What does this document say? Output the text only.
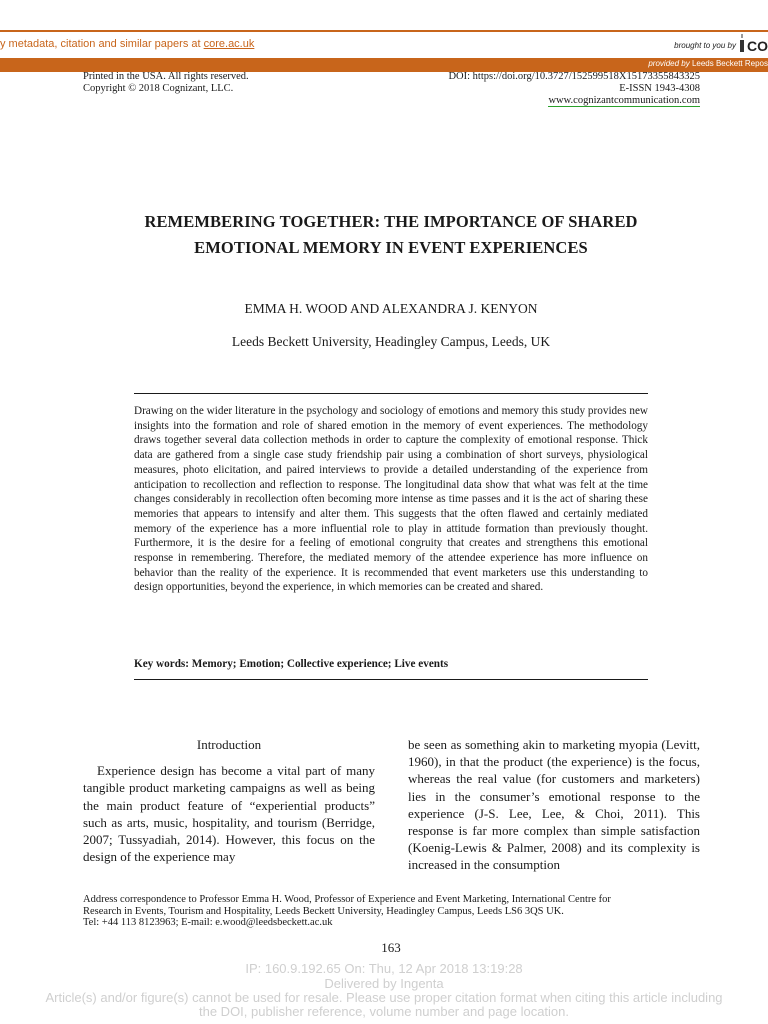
y metadata, citation and similar papers at core.ac.uk	brought to you by CO
provided by Leeds Beckett Repos
Printed in the USA. All rights reserved.
Copyright © 2018 Cognizant, LLC.
DOI: https://doi.org/10.3727/152599518X15173355843325
E-ISSN 1943-4308
www.cognizantcommunication.com
REMEMBERING TOGETHER: THE IMPORTANCE OF SHARED
EMOTIONAL MEMORY IN EVENT EXPERIENCES
EMMA H. WOOD AND ALEXANDRA J. KENYON
Leeds Beckett University, Headingley Campus, Leeds, UK
Drawing on the wider literature in the psychology and sociology of emotions and memory this study provides new insights into the formation and role of shared emotion in the memory of event experiences. The methodology draws together several data collection methods in order to capture the complexity of emotional response. Thick data are gathered from a single case study friendship pair using a combination of short surveys, physiological measures, photo elicitation, and paired interviews to provide a detailed understanding of the experience from anticipation to recollection and reflection to response. The longitudinal data show that what was felt at the time changes considerably in recollection often becoming more intense as time passes and it is the act of sharing these memories that appears to intensify and alter them. This suggests that the often flawed and certainly mediated memory of the experience has a more influential role to play in attitude formation than previously thought. Furthermore, it is the desire for a feeling of emotional congruity that creates and strengthens this emotional response in remembering. Therefore, the mediated memory of the attendee experience has more influence on behavior than the reality of the experience. It is recommended that event marketers use this understanding to design opportunities, beyond the experience, in which memories can be created and shared.
Key words: Memory; Emotion; Collective experience; Live events
Introduction

Experience design has become a vital part of many tangible product marketing campaigns as well as being the main product feature of “experiential products” such as arts, music, hospitality, and tourism (Berridge, 2007; Tussyadiah, 2014). However, this focus on the design of the experience may

be seen as something akin to marketing myopia (Levitt, 1960), in that the product (the experience) is the focus, whereas the real value (for customers and marketers) lies in the consumer’s emotional response to the experience (J-S. Lee, Lee, & Choi, 2011). This response is far more complex than simple satisfaction (Koenig-Lewis & Palmer, 2008) and its complexity is increased in the consumption
Address correspondence to Professor Emma H. Wood, Professor of Experience and Event Marketing, International Centre for
Research in Events, Tourism and Hospitality, Leeds Beckett University, Headingley Campus, Leeds LS6 3QS UK.
Tel: +44 113 8123963; E-mail: e.wood@leedsbeckett.ac.uk
163
IP: 160.9.192.65 On: Thu, 12 Apr 2018 13:19:28
Delivered by Ingenta
Article(s) and/or figure(s) cannot be used for resale. Please use proper citation format when citing this article including
the DOI, publisher reference, volume number and page location.
